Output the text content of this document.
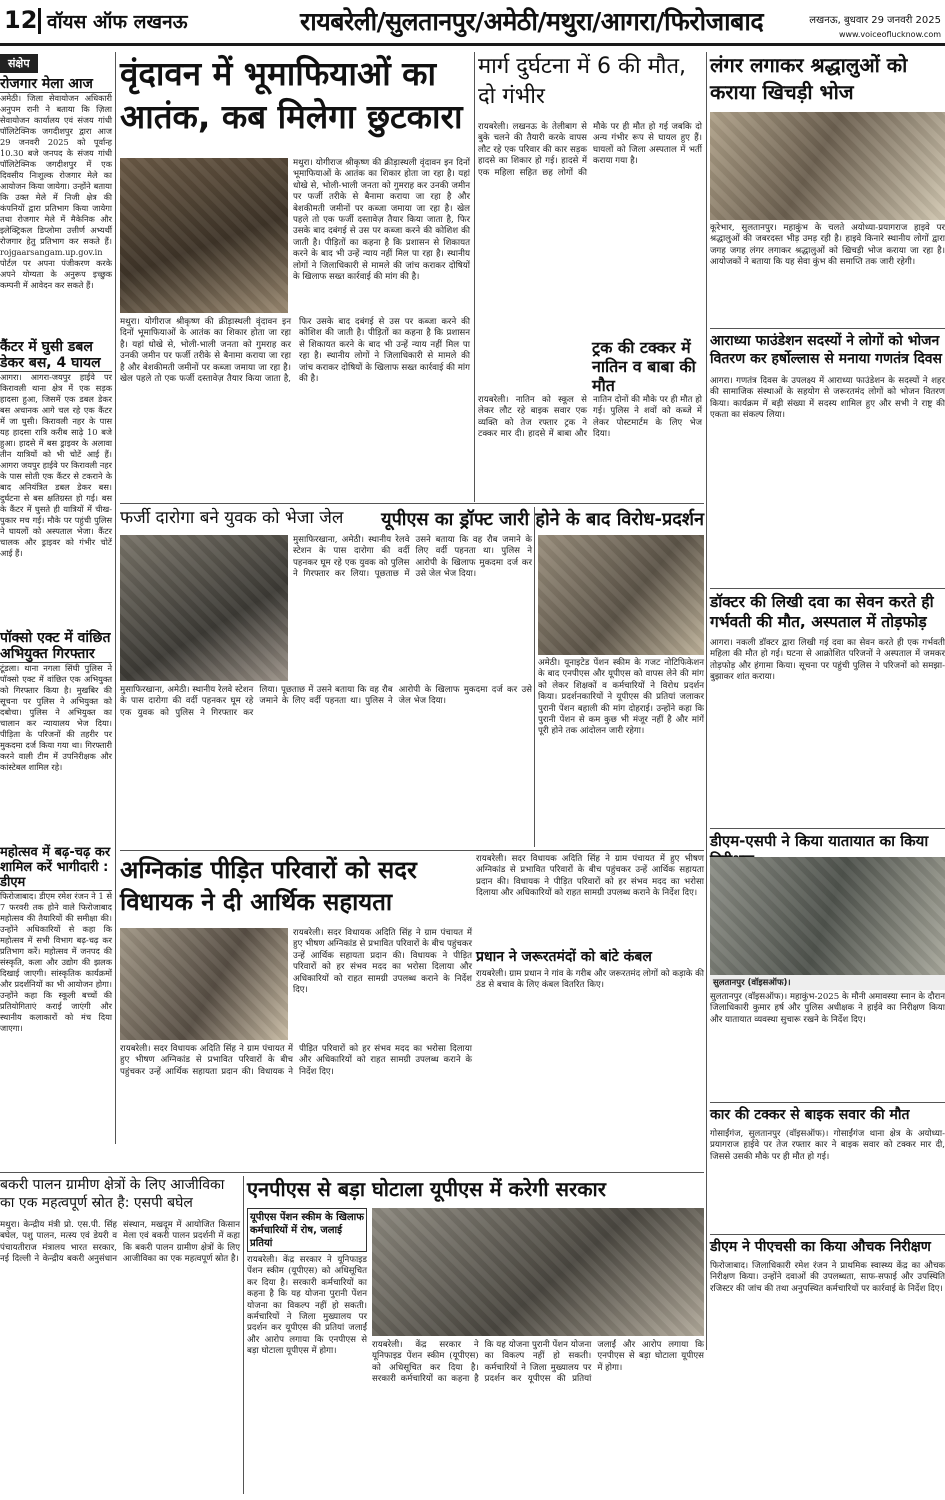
12 वॉयस ऑफ लखनऊ	रायबरेली/सुलतानपुर/अमेठी/मथुरा/आगरा/फिरोजाबाद	लखनऊ, बुधवार 29 जनवरी 2025
www.voiceoflucknow.com
संक्षेप
रोजगार मेला आज
अमेठी। जिला सेवायोजन अधिकारी अनुपम रानी ने बताया कि ज़िला सेवायोजन कार्यालय एवं संजय गांधी पॉलिटेक्निक जगदीशपुर द्वारा आज 29 जनवरी 2025 को पूर्वान्ह 10.30 बजे जनपद के संजय गांधी पॉलिटेक्निक जगदीशपुर में एक दिवसीय निःशुल्क रोजगार मेले का आयोजन किया जायेगा। उन्होंने बताया कि उक्त मेले में निजी क्षेत्र की कंपनियों द्वारा प्रतिभाग किया जायेगा तथा रोजगार मेले में मैकेनिक और इलेक्ट्रिकल डिप्लोमा उत्तीर्ण अभ्यर्थी रोजगार हेतु प्रतिभाग कर सकते हैं। rojgaarsangam.up.gov.in पोर्टल पर अपना पंजीकरण करके अपने योग्यता के अनुरूप इच्छुक कम्पनी में आवेदन कर सकते हैं।
कैंटर में घुसी डबल डेकर बस, 4 घायल
आगरा। आगरा-जयपुर हाईवे पर किरावली थाना क्षेत्र में एक सड़क हादसा हुआ, जिसमें एक डबल डेकर बस अचानक आगे चल रहे एक कैंटर में जा घुसी। किरावली नहर के पास यह हादसा रात्रि करीब साढ़े 10 बजे हुआ। हादसे में बस ड्राइवर के अलावा तीन यात्रियों को भी चोटें आई हैं। आगरा जयपुर हाईवे पर किरावली नहर के पास सोती एक कैंटर से टकराने के बाद अनियंत्रित डबल डेकर बस। दुर्घटना से बस क्षतिग्रस्त हो गई। बस के कैंटर में घुसते ही यात्रियों में चीख-पुकार मच गई। मौके पर पहुंची पुलिस ने घायलों को अस्पताल भेजा। कैंटर चालक और ड्राइवर को गंभीर चोटें आई हैं।
पॉक्सो एक्ट में वांछित अभियुक्त गिरफ्तार
टूंडला। थाना नगला सिंघी पुलिस ने पॉक्सो एक्ट में वांछित एक अभियुक्त को गिरफ्तार किया है। मुखबिर की सूचना पर पुलिस ने अभियुक्त को दबोचा। पुलिस ने अभियुक्त का चालान कर न्यायालय भेज दिया। पीड़िता के परिजनों की तहरीर पर मुकदमा दर्ज किया गया था। गिरफ्तारी करने वाली टीम में उपनिरीक्षक और कांस्टेबल शामिल रहे।
महोत्सव में बढ़-चढ़ कर शामिल करें भागीदारी : डीएम
फिरोजाबाद। डीएम रमेश रंजन ने 1 से 7 फरवरी तक होने वाले फिरोजाबाद महोत्सव की तैयारियों की समीक्षा की। उन्होंने अधिकारियों से कहा कि महोत्सव में सभी विभाग बढ़-चढ़ कर प्रतिभाग करें। महोत्सव में जनपद की संस्कृति, कला और उद्योग की झलक दिखाई जाएगी। सांस्कृतिक कार्यक्रमों और प्रदर्शनियों का भी आयोजन होगा। उन्होंने कहा कि स्कूली बच्चों की प्रतियोगिताएं कराई जाएंगी और स्थानीय कलाकारों को मंच दिया जाएगा।
वृंदावन में भूमाफियाओं का आतंक, कब मिलेगा छुटकारा
मथुरा। योगीराज श्रीकृष्ण की क्रीड़ास्थली वृंदावन इन दिनों भूमाफियाओं के आतंक का शिकार होता जा रहा है। यहां धोखे से, भोली-भाली जनता को गुमराह कर उनकी जमीन पर फर्जी तरीके से बैनामा कराया जा रहा है और बेशकीमती जमीनों पर कब्जा जमाया जा रहा है। खेल पहले तो एक फर्जी दस्तावेज़ तैयार किया जाता है, फिर उसके बाद दबंगई से उस पर कब्जा करने की कोशिश की जाती है। पीड़ितों का कहना है कि प्रशासन से शिकायत करने के बाद भी उन्हें न्याय नहीं मिल पा रहा है। स्थानीय लोगों ने जिलाधिकारी से मामले की जांच कराकर दोषियों के खिलाफ सख्त कार्रवाई की मांग की है।
मथुरा। योगीराज श्रीकृष्ण की क्रीड़ास्थली वृंदावन इन दिनों भूमाफियाओं के आतंक का शिकार होता जा रहा है। यहां धोखे से, भोली-भाली जनता को गुमराह कर उनकी जमीन पर फर्जी तरीके से बैनामा कराया जा रहा है और बेशकीमती जमीनों पर कब्जा जमाया जा रहा है। खेल पहले तो एक फर्जी दस्तावेज़ तैयार किया जाता है, फिर उसके बाद दबंगई से उस पर कब्जा करने की कोशिश की जाती है। पीड़ितों का कहना है कि प्रशासन से शिकायत करने के बाद भी उन्हें न्याय नहीं मिल पा रहा है। स्थानीय लोगों ने जिलाधिकारी से मामले की जांच कराकर दोषियों के खिलाफ सख्त कार्रवाई की मांग की है।
मार्ग दुर्घटना में 6 की मौत, दो गंभीर
रायबरेली। लखनऊ के तेलीबाग से बुके चलने की तैयारी करके वापस लौट रहे एक परिवार की कार सड़क हादसे का शिकार हो गई। हादसे में एक महिला सहित छह लोगों की मौके पर ही मौत हो गई जबकि दो अन्य गंभीर रूप से घायल हुए हैं। घायलों को जिला अस्पताल में भर्ती कराया गया है।
ट्रक की टक्कर में नातिन व बाबा की मौत
रायबरेली। नातिन को स्कूल से लेकर लौट रहे बाइक सवार एक व्यक्ति को तेज रफ्तार ट्रक ने टक्कर मार दी। हादसे में बाबा और नातिन दोनों की मौके पर ही मौत हो गई। पुलिस ने शवों को कब्जे में लेकर पोस्टमार्टम के लिए भेज दिया।
लंगर लगाकर श्रद्धालुओं को कराया खिचड़ी भोज
कूरेभार, सुलतानपुर। महाकुंभ के चलते अयोध्या-प्रयागराज हाइवे पर श्रद्धालुओं की जबरदस्त भीड़ उमड़ रही है। हाइवे किनारे स्थानीय लोगों द्वारा जगह जगह लंगर लगाकर श्रद्धालुओं को खिचड़ी भोज कराया जा रहा है। आयोजकों ने बताया कि यह सेवा कुंभ की समाप्ति तक जारी रहेगी।
आराध्या फाउंडेशन सदस्यों ने लोगों को भोजन वितरण कर हर्षोल्लास से मनाया गणतंत्र दिवस
आगरा। गणतंत्र दिवस के उपलक्ष्य में आराध्या फाउंडेशन के सदस्यों ने शहर की सामाजिक संस्थाओं के सहयोग से जरूरतमंद लोगों को भोजन वितरण किया। कार्यक्रम में बड़ी संख्या में सदस्य शामिल हुए और सभी ने राष्ट्र की एकता का संकल्प लिया।
डॉक्टर की लिखी दवा का सेवन करते ही गर्भवती की मौत, अस्पताल में तोड़फोड़
आगरा। नकली डॉक्टर द्वारा लिखी गई दवा का सेवन करते ही एक गर्भवती महिला की मौत हो गई। घटना से आक्रोशित परिजनों ने अस्पताल में जमकर तोड़फोड़ और हंगामा किया। सूचना पर पहुंची पुलिस ने परिजनों को समझा-बुझाकर शांत कराया।
डीएम-एसपी ने किया यातायात का किया
सुलतानपुर (वॉइसऑफ)।
सुलतानपुर (वॉइसऑफ)। महाकुंभ-2025 के मौनी अमावस्या स्नान के दौरान जिलाधिकारी कुमार हर्ष और पुलिस अधीक्षक ने हाईवे का निरीक्षण किया और यातायात व्यवस्था सुचारू रखने के निर्देश दिए।
कार की टक्कर से बाइक सवार की मौत
गोसाईंगंज, सुलतानपुर (वॉइसऑफ)। गोसाईंगंज थाना क्षेत्र के अयोध्या-प्रयागराज हाईवे पर तेज रफ्तार कार ने बाइक सवार को टक्कर मार दी, जिससे उसकी मौके पर ही मौत हो गई।
डीएम ने पीएचसी का किया औचक निरीक्षण
फिरोजाबाद। जिलाधिकारी रमेश रंजन ने प्राथमिक स्वास्थ्य केंद्र का औचक निरीक्षण किया। उन्होंने दवाओं की उपलब्धता, साफ-सफाई और उपस्थिति रजिस्टर की जांच की तथा अनुपस्थित कर्मचारियों पर कार्रवाई के निर्देश दिए।
फर्जी दारोगा बने युवक को भेजा जेल
मुसाफिरखाना, अमेठी। स्थानीय रेलवे स्टेशन के पास दारोगा की वर्दी पहनकर घूम रहे एक युवक को पुलिस ने गिरफ्तार कर लिया। पूछताछ में उसने बताया कि वह रौब जमाने के लिए वर्दी पहनता था। पुलिस ने आरोपी के खिलाफ मुकदमा दर्ज कर उसे जेल भेज दिया।
मुसाफिरखाना, अमेठी। स्थानीय रेलवे स्टेशन के पास दारोगा की वर्दी पहनकर घूम रहे एक युवक को पुलिस ने गिरफ्तार कर लिया। पूछताछ में उसने बताया कि वह रौब जमाने के लिए वर्दी पहनता था। पुलिस ने आरोपी के खिलाफ मुकदमा दर्ज कर उसे जेल भेज दिया।
अमेठी। यूनाइटेड पेंशन स्कीम के गजट नोटिफिकेशन के बाद एनपीएस और यूपीएस को वापस लेने की मांग को लेकर शिक्षकों व कर्मचारियों ने विरोध प्रदर्शन किया। प्रदर्शनकारियों ने यूपीएस की प्रतियां जलाकर पुरानी पेंशन बहाली की मांग दोहराई। उन्होंने कहा कि पुरानी पेंशन से कम कुछ भी मंजूर नहीं है और मांगें पूरी होने तक आंदोलन जारी रहेगा।
यूपीएस का ड्रॉफ्ट जारी होने के बाद विरोध-प्रदर्शन
अग्निकांड पीड़ित परिवारों को सदर विधायक ने दी आर्थिक सहायता
रायबरेली। सदर विधायक अदिति सिंह ने ग्राम पंचायत में हुए भीषण अग्निकांड से प्रभावित परिवारों के बीच पहुंचकर उन्हें आर्थिक सहायता प्रदान की। विधायक ने पीड़ित परिवारों को हर संभव मदद का भरोसा दिलाया और अधिकारियों को राहत सामग्री उपलब्ध कराने के निर्देश दिए।
रायबरेली। सदर विधायक अदिति सिंह ने ग्राम पंचायत में हुए भीषण अग्निकांड से प्रभावित परिवारों के बीच पहुंचकर उन्हें आर्थिक सहायता प्रदान की। विधायक ने पीड़ित परिवारों को हर संभव मदद का भरोसा दिलाया और अधिकारियों को राहत सामग्री उपलब्ध कराने के निर्देश दिए।
रायबरेली। सदर विधायक अदिति सिंह ने ग्राम पंचायत में हुए भीषण अग्निकांड से प्रभावित परिवारों के बीच पहुंचकर उन्हें आर्थिक सहायता प्रदान की। विधायक ने पीड़ित परिवारों को हर संभव मदद का भरोसा दिलाया और अधिकारियों को राहत सामग्री उपलब्ध कराने के निर्देश दिए।
प्रधान ने जरूरतमंदों को बांटे कंबल
रायबरेली। ग्राम प्रधान ने गांव के गरीब और जरूरतमंद लोगों को कड़ाके की ठंड से बचाव के लिए कंबल वितरित किए।
बकरी पालन ग्रामीण क्षेत्रों के लिए आजीविका का एक महत्वपूर्ण स्रोत है: एसपी बघेल
मथुरा। केन्द्रीय मंत्री प्रो. एस.पी. सिंह बघेल, पशु पालन, मत्स्य एवं डेयरी व पंचायतीराज मंत्रालय भारत सरकार, नई दिल्ली ने केन्द्रीय बकरी अनुसंधान संस्थान, मखदूम में आयोजित किसान मेला एवं बकरी पालन प्रदर्शनी में कहा कि बकरी पालन ग्रामीण क्षेत्रों के लिए आजीविका का एक महत्वपूर्ण स्रोत है।
एनपीएस से बड़ा घोटाला यूपीएस में करेगी सरकार
यूपीएस पेंशन स्कीम के खिलाफ कर्मचारियों में रोष, जलाई प्रतियां
रायबरेली। केंद्र सरकार ने यूनिफाइड पेंशन स्कीम (यूपीएस) को अधिसूचित कर दिया है। सरकारी कर्मचारियों का कहना है कि यह योजना पुरानी पेंशन योजना का विकल्प नहीं हो सकती। कर्मचारियों ने जिला मुख्यालय पर प्रदर्शन कर यूपीएस की प्रतियां जलाईं और आरोप लगाया कि एनपीएस से बड़ा घोटाला यूपीएस में होगा।
रायबरेली। केंद्र सरकार ने यूनिफाइड पेंशन स्कीम (यूपीएस) को अधिसूचित कर दिया है। सरकारी कर्मचारियों का कहना है कि यह योजना पुरानी पेंशन योजना का विकल्प नहीं हो सकती। कर्मचारियों ने जिला मुख्यालय पर प्रदर्शन कर यूपीएस की प्रतियां जलाईं और आरोप लगाया कि एनपीएस से बड़ा घोटाला यूपीएस में होगा।
